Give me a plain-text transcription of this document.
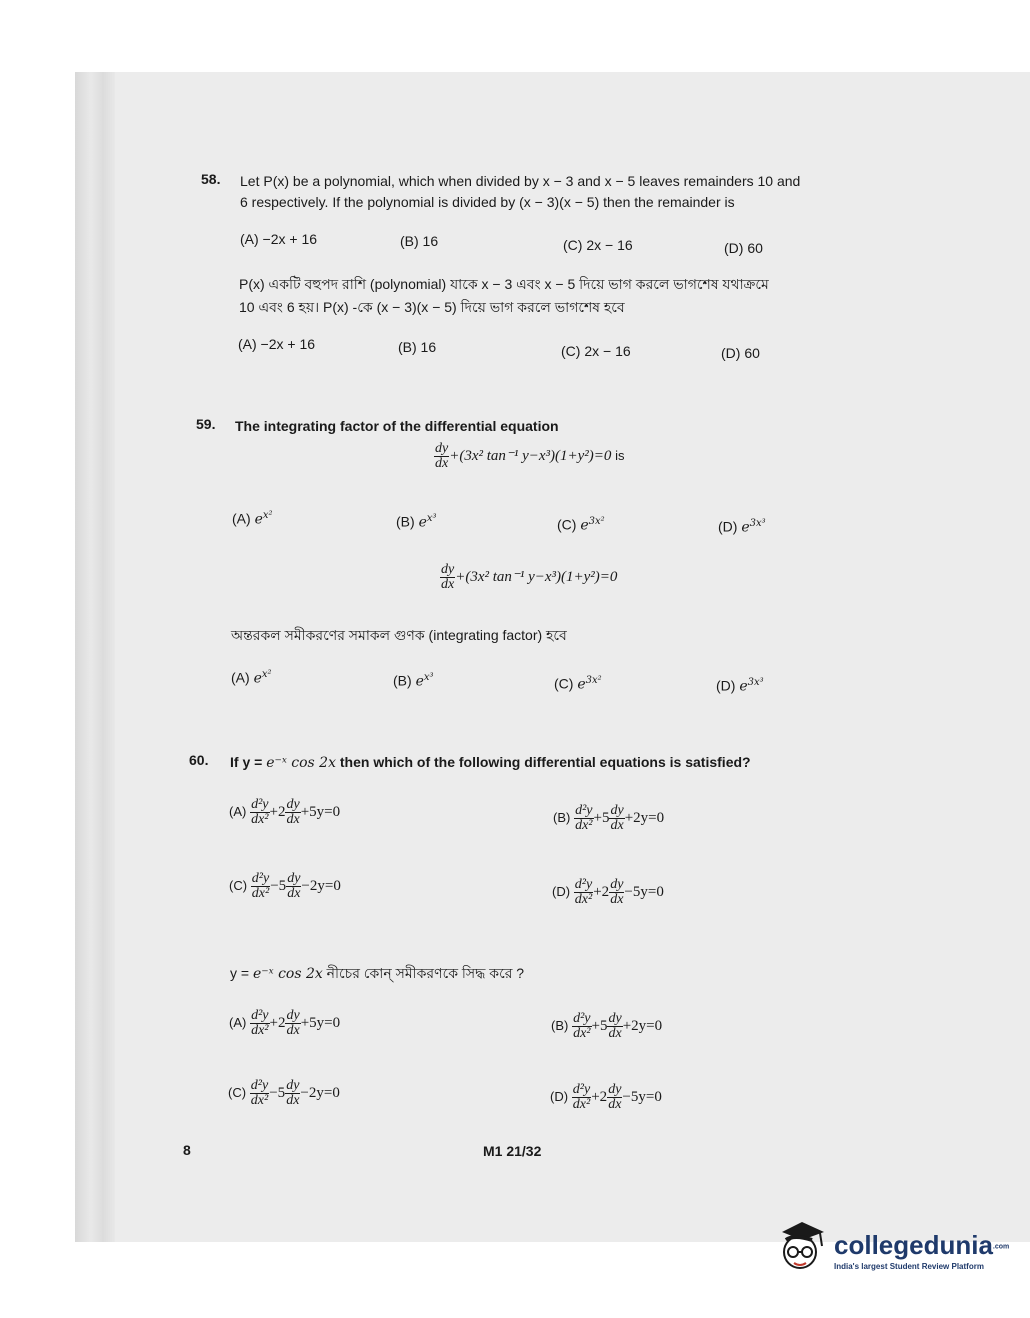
58. Let P(x) be a polynomial, which when divided by x − 3 and x − 5 leaves remainders 10 and
6 respectively. If the polynomial is divided by (x − 3)(x − 5) then the remainder is
(A) −2x + 16	(B) 16	(C) 2x − 16	(D) 60
P(x) একটি বহুপদ রাশি (polynomial) যাকে x − 3 এবং x − 5 দিয়ে ভাগ করলে ভাগশেষ যথাক্রমে
10 এবং 6 হয়। P(x) -কে (x − 3)(x − 5) দিয়ে ভাগ করলে ভাগশেষ হবে
(A) −2x + 16	(B) 16	(C) 2x − 16	(D) 60
59. The integrating factor of the differential equation
$\frac{dy}{dx} +(3x^2$ tan⁻¹ y−x³)(1+y²)=0 is
(A) $e^{x^2}$	(B) $e^{x^3}$	(C) $e^{3x^2}$	(D) $e^{3x^3}$
$\frac{dy}{dx} +(3x^2$ tan⁻¹ y−x³)(1+y²)=0
অন্তরকল সমীকরণের সমাকল গুণক (integrating factor) হবে
(A) $e^{x^2}$	(B) $e^{x^3}$	(C) $e^{3x^2}$	(D) $e^{3x^3}$
60. If y = e⁻ˣ cos 2x then which of the following differential equations is satisfied?
$(A) \frac{\text{d²y}}{\text{dx²}} +2 \frac{dy}{dx} +5y=0$	$(B) \frac{\text{d²y}}{\text{dx²}} +5 \frac{dy}{dx} +2y=0$
$(C) \frac{\text{d²y}}{\text{dx²}} -5 \frac{dy}{dx} -2y=0$	$(D) \frac{\text{d²y}}{\text{dx²}} +2 \frac{dy}{dx} -5y=0$
y = e⁻ˣ cos 2x নীচের কোন্ সমীকরণকে সিদ্ধ করে ?
$(A) \frac{\text{d²y}}{\text{dx²}} +2 \frac{dy}{dx} +5y=0$	$(B) \frac{\text{d²y}}{\text{dx²}} +5 \frac{dy}{dx} +2y=0$
$(C) \frac{\text{d²y}}{\text{dx²}} -5 \frac{dy}{dx} -2y=0$	$(D) \frac{\text{d²y}}{\text{dx²}} +2 \frac{dy}{dx} -5y=0$
8	M1 21/32
collegedunia.com
India's largest Student Review Platform
